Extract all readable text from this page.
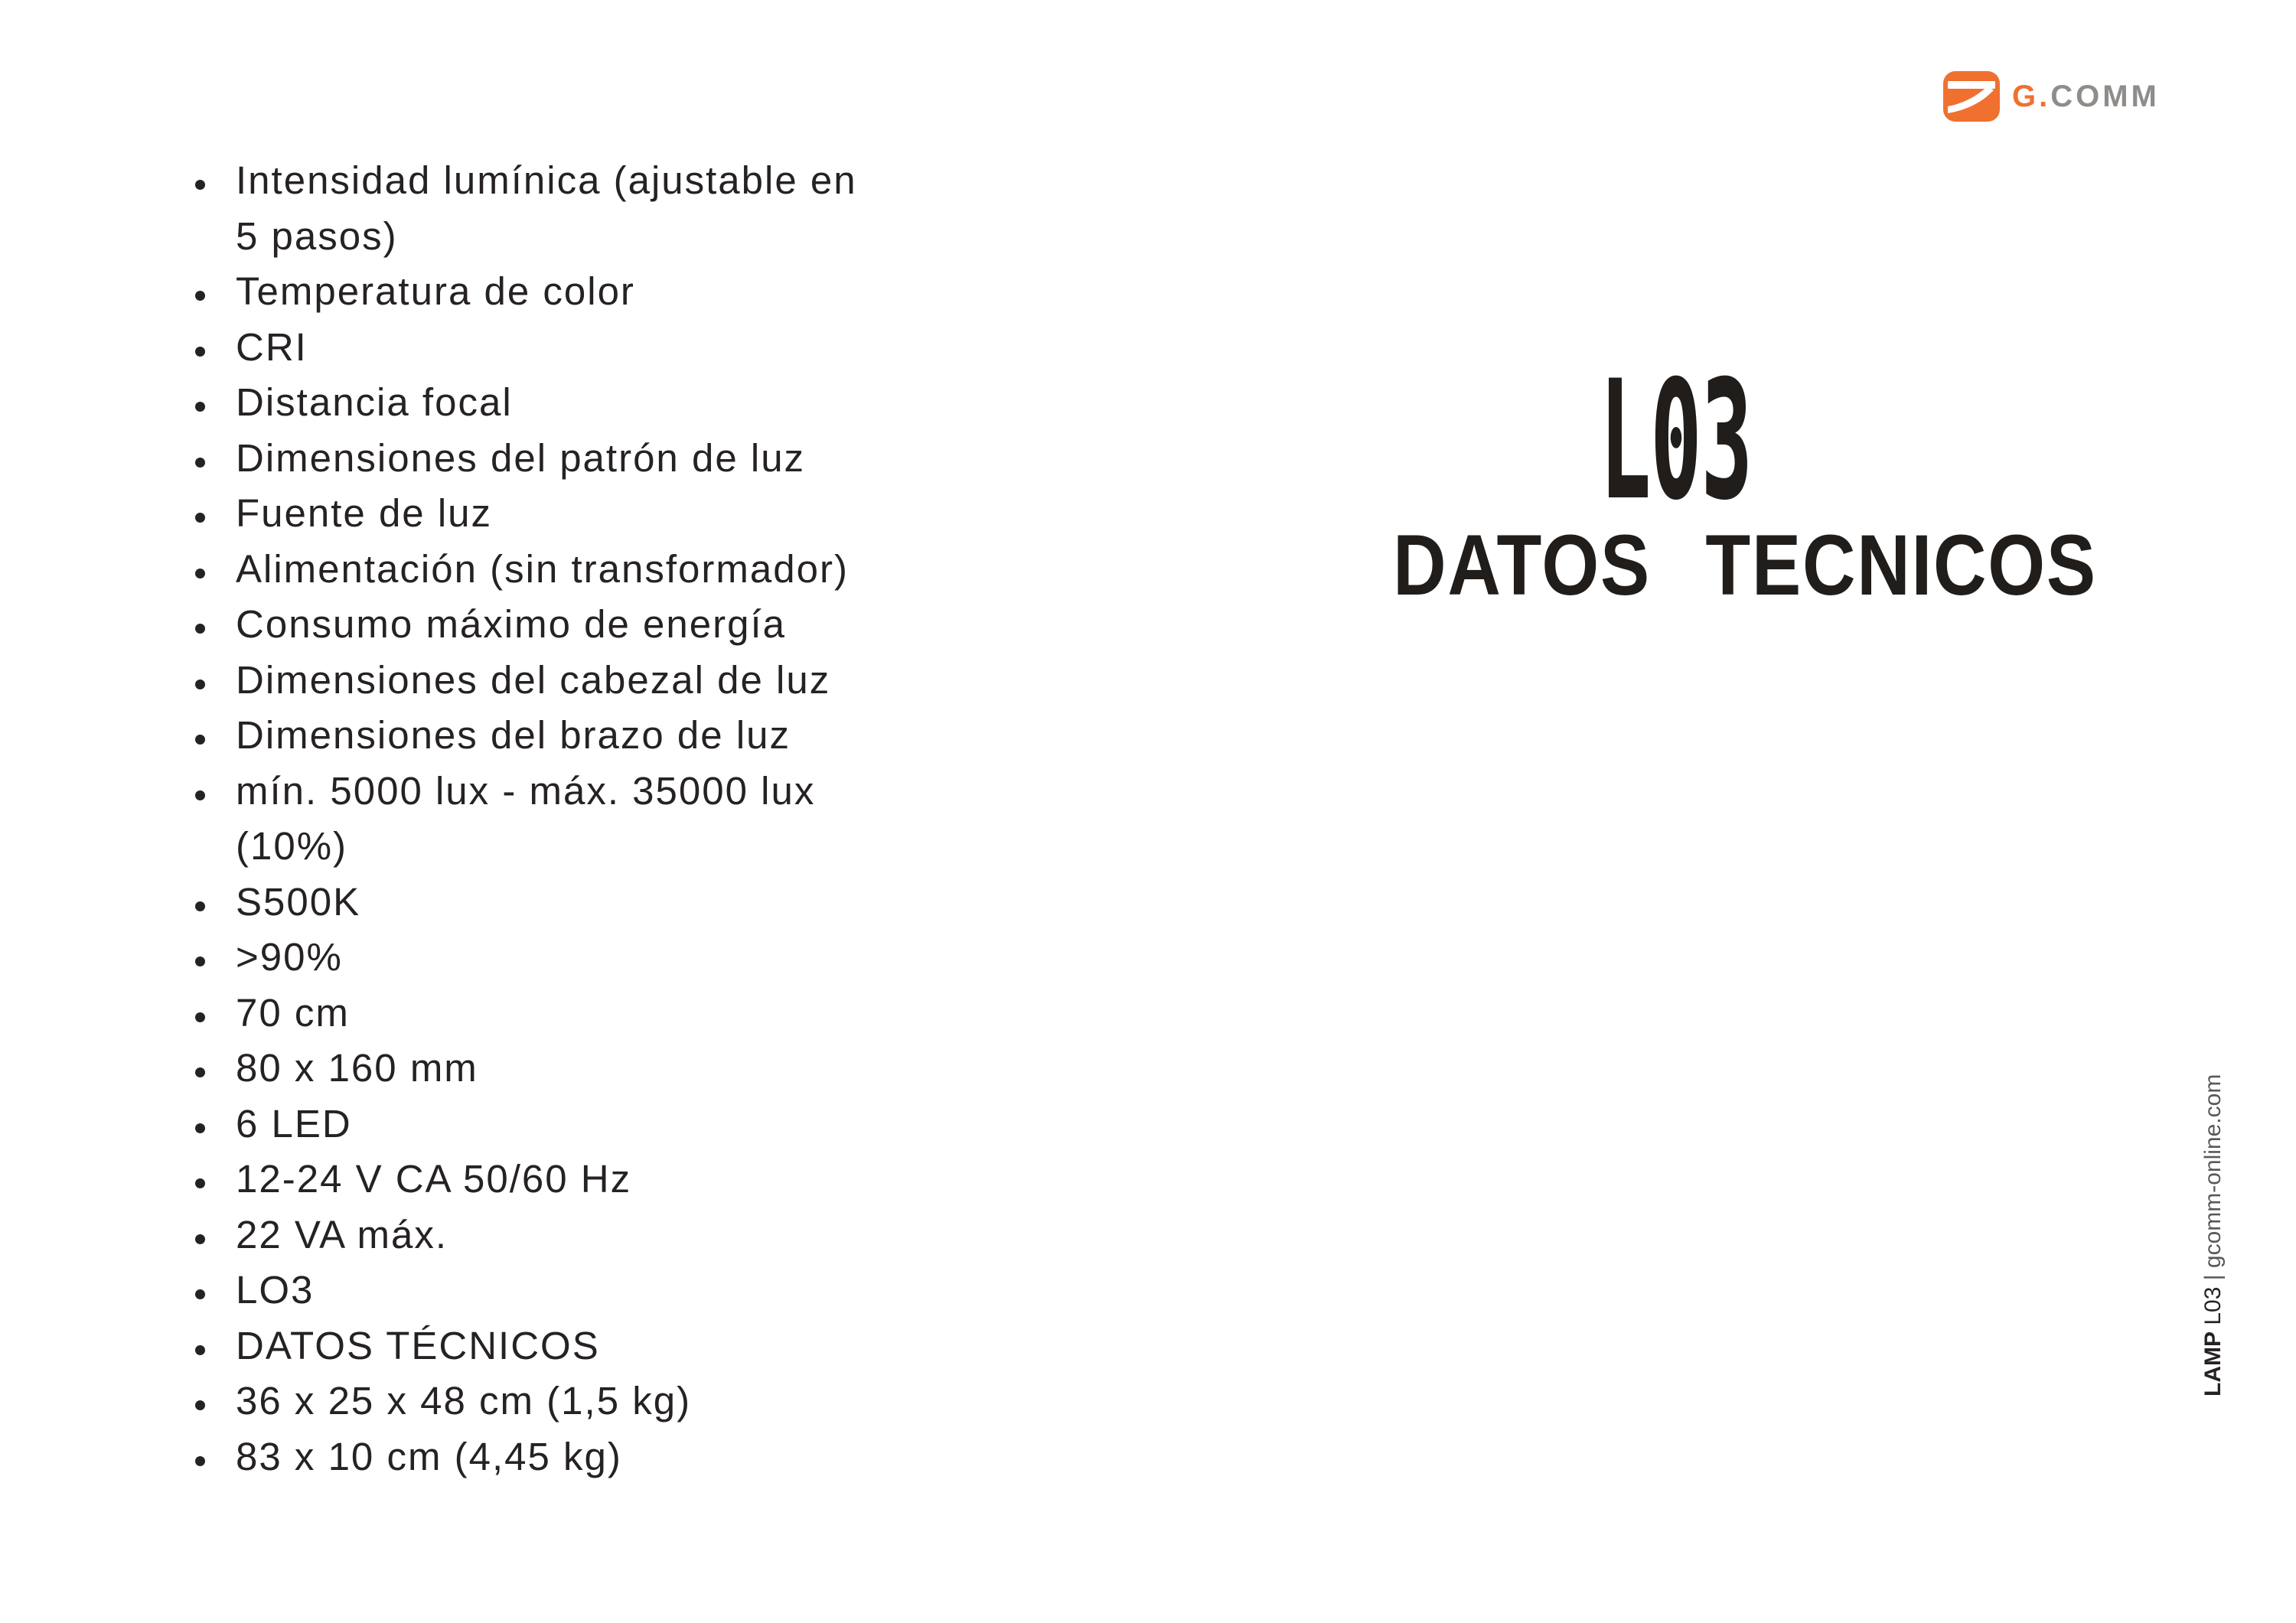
G.COMM
Intensidad lumínica (ajustable en
5 pasos)
Temperatura de color
CRI
Distancia focal
Dimensiones del patrón de luz
Fuente de luz
Alimentación (sin transformador)
Consumo máximo de energía
Dimensiones del cabezal de luz
Dimensiones del brazo de luz
mín. 5000 lux - máx. 35000 lux
(10%)
S500K
>90%
70 cm
80 x 160 mm
6 LED
12-24 V CA 50/60 Hz
22 VA máx.
LO3
DATOS TÉCNICOS
36 x 25 x 48 cm (1,5 kg)
83 x 10 cm (4,45 kg)
L03
DATOS TECNICOS
LAMP L03 | gcomm-online.com
